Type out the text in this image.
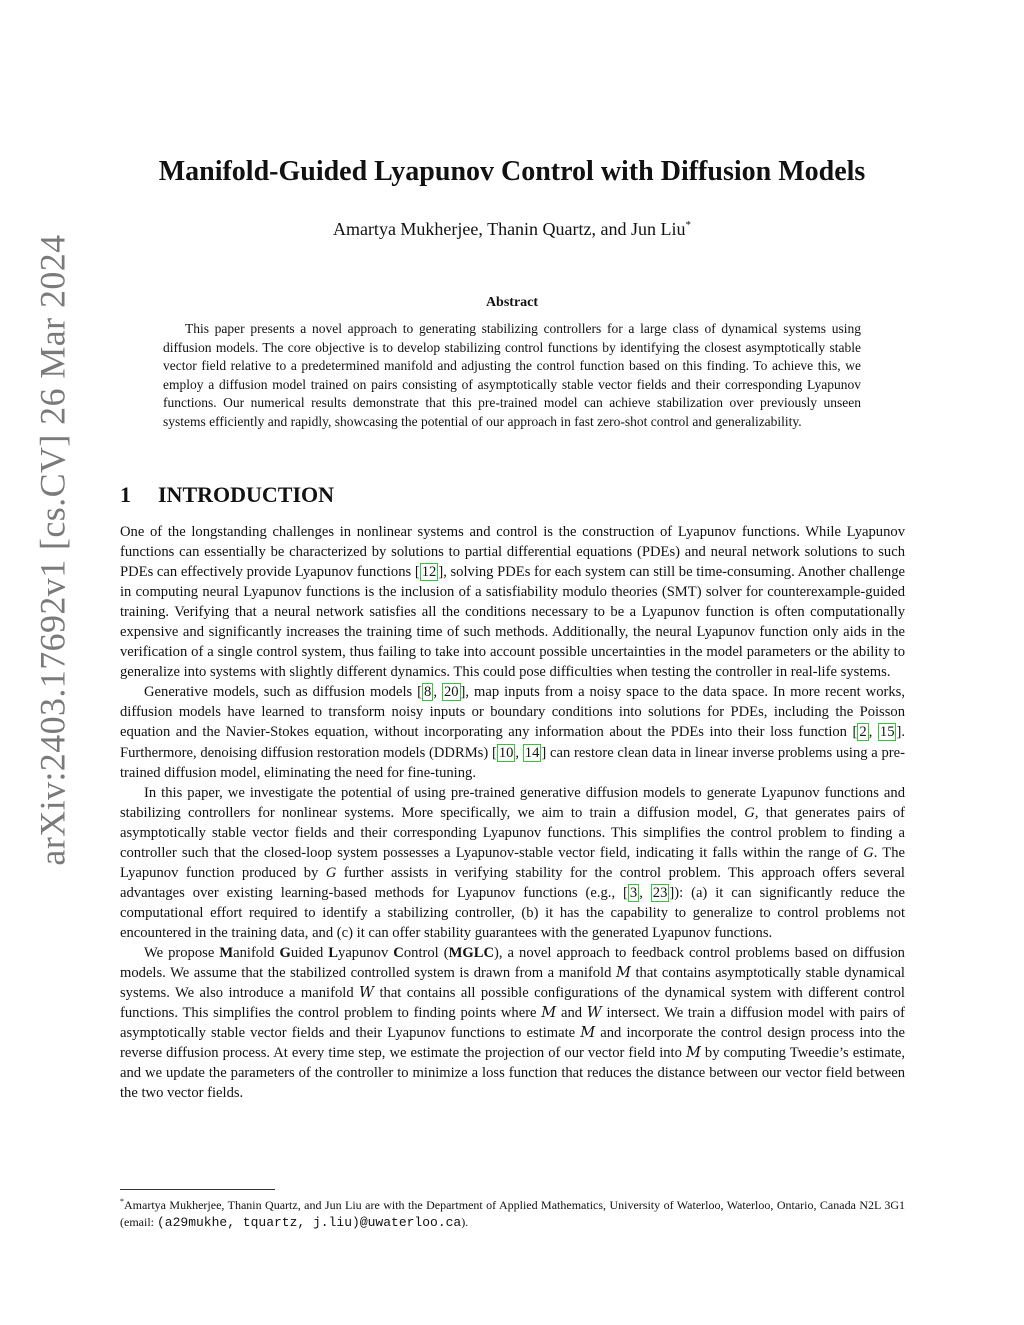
arXiv:2403.17692v1 [cs.CV] 26 Mar 2024
Manifold-Guided Lyapunov Control with Diffusion Models
Amartya Mukherjee, Thanin Quartz, and Jun Liu*
Abstract

This paper presents a novel approach to generating stabilizing controllers for a large class of dynamical systems using diffusion models. The core objective is to develop stabilizing control functions by identifying the closest asymptotically stable vector field relative to a predetermined manifold and adjusting the control function based on this finding. To achieve this, we employ a diffusion model trained on pairs consisting of asymptotically stable vector fields and their corresponding Lyapunov functions. Our numerical results demonstrate that this pre-trained model can achieve stabilization over previously unseen systems efficiently and rapidly, showcasing the potential of our approach in fast zero-shot control and generalizability.

1 INTRODUCTION

One of the longstanding challenges in nonlinear systems and control is the construction of Lyapunov functions. While Lyapunov functions can essentially be characterized by solutions to partial differential equations (PDEs) and neural network solutions to such PDEs can effectively provide Lyapunov functions [ 12 ], solving PDEs for each system can still be time-consuming. Another challenge in computing neural Lyapunov functions is the inclusion of a satisfiability modulo theories (SMT) solver for counterexample-guided training. Verifying that a neural network satisfies all the conditions necessary to be a Lyapunov function is often computationally expensive and significantly increases the training time of such methods. Additionally, the neural Lyapunov function only aids in the verification of a single control system, thus failing to take into account possible uncertainties in the model parameters or the ability to generalize into systems with slightly different dynamics. This could pose difficulties when testing the controller in real-life systems.

Generative models, such as diffusion models [ 8 , 20 ], map inputs from a noisy space to the data space. In more recent works, diffusion models have learned to transform noisy inputs or boundary conditions into solutions for PDEs, including the Poisson equation and the Navier-Stokes equation, without incorporating any information about the PDEs into their loss function [ 2 , 15 ]. Furthermore, denoising diffusion restoration models (DDRMs) [ 10 , 14 ] can restore clean data in linear inverse problems using a pre-trained diffusion model, eliminating the need for fine-tuning.

In this paper, we investigate the potential of using pre-trained generative diffusion models to generate Lyapunov functions and stabilizing controllers for nonlinear systems. More specifically, we aim to train a diffusion model, G, that generates pairs of asymptotically stable vector fields and their corresponding Lyapunov functions. This simplifies the control problem to finding a controller such that the closed-loop system possesses a Lyapunov-stable vector field, indicating it falls within the range of G. The Lyapunov function produced by G further assists in verifying stability for the control problem. This approach offers several advantages over existing learning-based methods for Lyapunov functions (e.g., [ 3 , 23 ]): (a) it can significantly reduce the computational effort required to identify a stabilizing controller, (b) it has the capability to generalize to control problems not encountered in the training data, and (c) it can offer stability guarantees with the generated Lyapunov functions.

We propose Manifold Guided Lyapunov Control (MGLC), a novel approach to feedback control problems based on diffusion models. We assume that the stabilized controlled system is drawn from a manifold M that contains asymptotically stable dynamical systems. We also introduce a manifold W that contains all possible configurations of the dynamical system with different control functions. This simplifies the control problem to finding points where M and W intersect. We train a diffusion model with pairs of asymptotically stable vector fields and their Lyapunov functions to estimate M and incorporate the control design process into the reverse diffusion process. At every time step, we estimate the projection of our vector field into M by computing Tweedie’s estimate, and we update the parameters of the controller to minimize a loss function that reduces the distance between our vector field between the two vector fields.

*Amartya Mukherjee, Thanin Quartz, and Jun Liu are with the Department of Applied Mathematics, University of Waterloo, Waterloo, Ontario, Canada N2L 3G1 (email: (a29mukhe, tquartz, j.liu)@uwaterloo.ca).
